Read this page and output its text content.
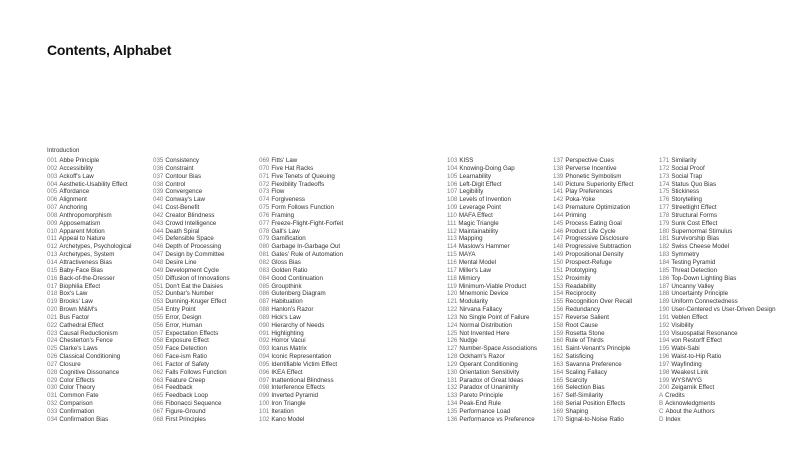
Contents, Alphabet
Introduction
001 Abbe Principle
002 Accessibility
003 Ackoff's Law
004 Aesthetic-Usability Effect
005 Affordance
006 Alignment
007 Anchoring
008 Anthropomorphism
009 Apposematism
010 Apparent Motion
011 Appeal to Nature
012 Archetypes, Psychological
013 Archetypes, System
014 Attractiveness Bias
015 Baby-Face Bias
016 Back-of-the-Dresser
017 Biophilia Effect
018 Box's Law
019 Brooks' Law
020 Brown M&M's
021 Bus Factor
022 Cathedral Effect
023 Causal Reductionism
024 Chesterton's Fence
025 Clarke's Laws
026 Classical Conditioning
027 Closure
028 Cognitive Dissonance
029 Color Effects
030 Color Theory
031 Common Fate
032 Comparison
033 Confirmation
034 Confirmation Bias
035 Consistency
036 Constraint
037 Contour Bias
038 Control
039 Convergence
040 Conway's Law
041 Cost-Benefit
042 Creator Blindness
043 Crowd Intelligence
044 Death Spiral
045 Defensible Space
046 Depth of Processing
047 Design by Committee
048 Desire Line
049 Development Cycle
050 Diffusion of Innovations
051 Don't Eat the Daisies
052 Dunbar's Number
053 Dunning-Kruger Effect
054 Entry Point
055 Error, Design
056 Error, Human
057 Expectation Effects
058 Exposure Effect
059 Face Detection
060 Face-ism Ratio
061 Factor of Safety
062 Falls Follows Function
063 Feature Creep
064 Feedback
065 Feedback Loop
066 Fibonacci Sequence
067 Figure-Ground
068 First Principles
069 Fitts' Law
070 Five Hat Racks
071 Five Tenets of Queuing
072 Flexibility Tradeoffs
073 Flow
074 Forgiveness
075 Form Follows Function
076 Framing
077 Freeze-Flight-Fight-Forfeit
078 Gall's Law
079 Gamification
080 Garbage In-Garbage Out
081 Gates' Rule of Automation
082 Gloss Bias
083 Golden Ratio
084 Good Continuation
085 Groupthink
086 Gutenberg Diagram
087 Habituation
088 Hanlon's Razor
089 Hick's Law
090 Hierarchy of Needs
091 Highlighting
092 Horror Vacui
093 Icarus Matrix
094 Iconic Representation
095 Identifiable Victim Effect
096 IKEA Effect
097 Inattentional Blindness
098 Interference Effects
099 Inverted Pyramid
100 Iron Triangle
101 Iteration
102 Kano Model
103 KISS
104 Knowing-Doing Gap
105 Learnability
106 Left-Digit Effect
107 Legibility
108 Levels of Invention
109 Leverage Point
110 MAFA Effect
111 Magic Triangle
112 Maintainability
113 Mapping
114 Maslow's Hammer
115 MAYA
116 Mental Model
117 Miller's Law
118 Mimicry
119 Minimum-Viable Product
120 Mnemonic Device
121 Modularity
122 Nirvana Fallacy
123 No Single Point of Failure
124 Normal Distribution
125 Not Invented Here
126 Nudge
127 Number-Space Associations
128 Ockham's Razor
129 Operant Conditioning
130 Orientation Sensitivity
131 Paradox of Great Ideas
132 Paradox of Unanimity
133 Pareto Principle
134 Peak-End Rule
135 Performance Load
136 Performance vs Preference
137 Perspective Cues
138 Perverse Incentive
139 Phonetic Symbolism
140 Picture Superiority Effect
141 Play Preferences
142 Poka-Yoke
143 Premature Optimization
144 Priming
145 Process Eating Goal
146 Product Life Cycle
147 Progressive Disclosure
148 Progressive Subtraction
149 Propositional Density
150 Prospect-Refuge
151 Prototyping
152 Proximity
153 Readability
154 Reciprocity
155 Recognition Over Recall
156 Redundancy
157 Reverse Salient
158 Root Cause
159 Rosetta Stone
160 Rule of Thirds
161 Saint-Venant's Principle
162 Satisficing
163 Savanna Preference
164 Scaling Fallacy
165 Scarcity
166 Selection Bias
167 Self-Similarity
168 Serial Position Effects
169 Shaping
170 Signal-to-Noise Ratio
171 Similarity
172 Social Proof
173 Social Trap
174 Status Quo Bias
175 Stickiness
176 Storytelling
177 Streetlight Effect
178 Structural Forms
179 Sunk Cost Effect
180 Supernormal Stimulus
181 Survivorship Bias
182 Swiss Cheese Model
183 Symmetry
184 Testing Pyramid
185 Threat Detection
186 Top-Down Lighting Bias
187 Uncanny Valley
188 Uncertainty Principle
189 Uniform Connectedness
190 User-Centered vs User-Driven Design
191 Veblen Effect
192 Visibility
193 Visuospatial Resonance
194 von Restorff Effect
195 Wabi-Sabi
196 Waist-to-Hip Ratio
197 Wayfinding
198 Weakest Link
199 WYSIWYG
200 Zeigarnik Effect
A Credits
B Acknowledgments
C About the Authors
D Index
